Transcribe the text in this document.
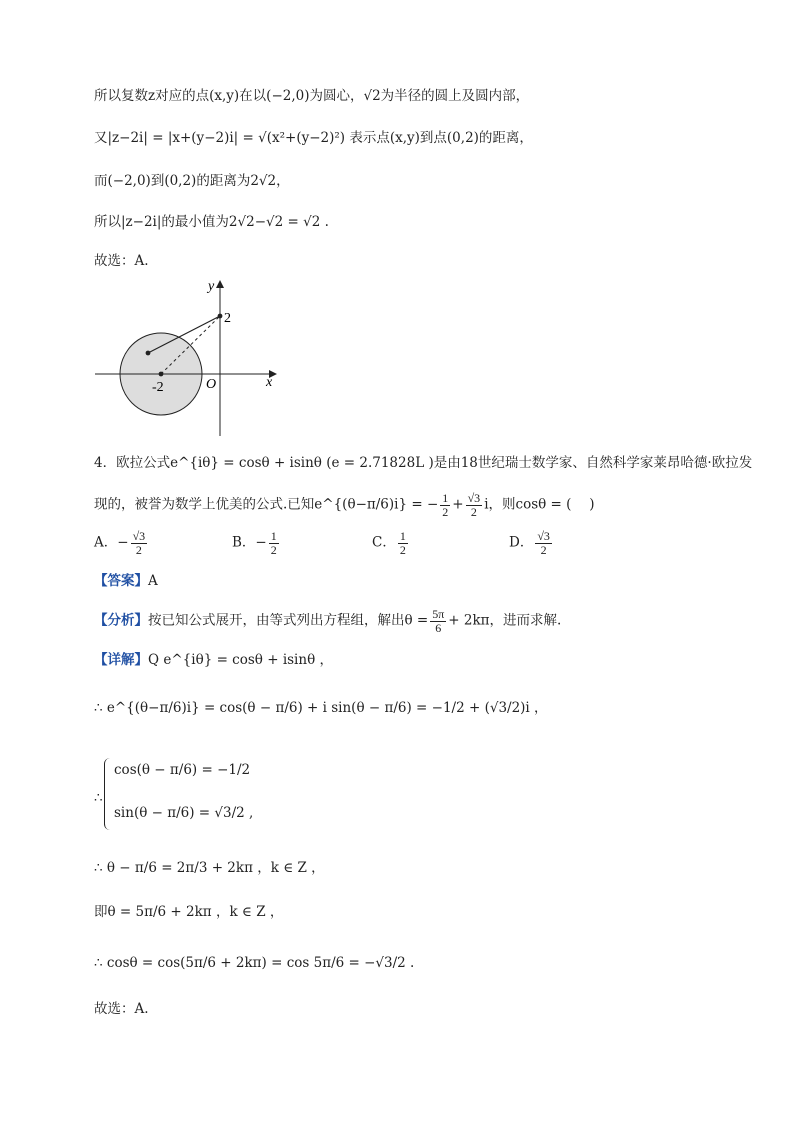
所以复数z对应的点(x,y)在以(−2,0)为圆心，√2为半径的圆上及圆内部，
又|z−2i| = |x+(y−2)i| = √(x²+(y−2)²) 表示点(x,y)到点(0,2)的距离，
而(−2,0)到(0,2)的距离为2√2，
所以|z−2i|的最小值为2√2−√2 = √2 .
故选：A.
y
x
O
2
-2
4．欧拉公式e^{iθ} = cosθ + isinθ (e = 2.71828L )是由18世纪瑞士数学家、自然科学家莱昂哈德·欧拉发
现的，被誉为数学上优美的公式.已知e^{(θ−π/6)i} = − $\frac{1}{2} + \frac{√3}{2}$ i，则cosθ = (　 )
A．− $\frac{√3}{2}$	B．− $\frac{1}{2}$	C． $\frac{1}{2}$	D． $\frac{√3}{2}$
【答案】A
【分析】按已知公式展开，由等式列出方程组，解出$\theta = \frac{5\pi}{6} + 2k\pi$，进而求解.
【详解】Q e^{iθ} = cosθ + isinθ ，
∴ e^{(θ−π/6)i} = cos(θ − π/6) + i sin(θ − π/6) = −1/2 + (√3/2)i ，
∴
cos(θ − π/6) = −1/2
sin(θ − π/6) = √3/2 ,
∴ θ − π/6 = 2π/3 + 2kπ ，k ∈ Z ，
即θ = 5π/6 + 2kπ ，k ∈ Z ，
∴ cosθ = cos(5π/6 + 2kπ) = cos 5π/6 = −√3/2 .
故选：A.
